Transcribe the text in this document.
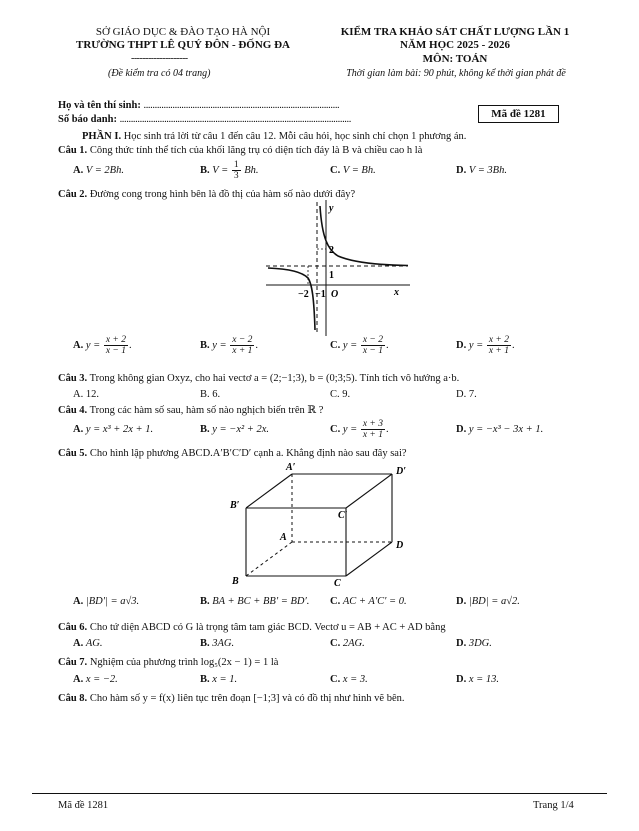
SỞ GIÁO DỤC & ĐÀO TẠO HÀ NỘI
TRƯỜNG THPT LÊ QUÝ ĐÔN - ĐỐNG ĐA
--------------------
(Đề kiểm tra có 04 trang)
KIỂM TRA KHẢO SÁT CHẤT LƯỢNG LẦN 1
NĂM HỌC 2025 - 2026
MÔN: TOÁN
Thời gian làm bài: 90 phút, không kể thời gian phát đề
Họ và tên thí sinh: ........................................................................................
Số báo danh: ........................................................................................................	Mã đề 1281
PHẦN I. Học sinh trả lời từ câu 1 đến câu 12. Mỗi câu hỏi, học sinh chỉ chọn 1 phương án.
Câu 1. Công thức tính thể tích của khối lăng trụ có diện tích đáy là B và chiều cao h là
A. V = 2Bh.	B. $V = \frac{1}{3} Bh$.	C. V = Bh.	D. V = 3Bh.
Câu 2. Đường cong trong hình bên là đồ thị của hàm số nào dưới đây?
y
x
O
2
1
−2 −1
A. $y = \frac{x + 2}{x - 1}$ .	B. $y = \frac{x - 2}{x + 1}$ .	C. $y = \frac{x - 2}{x - 1}$ .	D. $y = \frac{x + 2}{x + 1}$ .
Câu 3. Trong không gian Oxyz, cho hai vectơ a = (2;−1;3), b = (0;3;5). Tính tích vô hướng a·b.
A. 12.	B. 6.	C. 9.	D. 7.
Câu 4. Trong các hàm số sau, hàm số nào nghịch biến trên ℝ ?
A. y = x³ + 2x + 1.	B. y = −x² + 2x.	C. $y = \frac{x + 3}{x + 1}$ .	D. y = −x³ − 3x + 1.
Câu 5. Cho hình lập phương ABCD.A′B′C′D′ cạnh a. Khẳng định nào sau đây sai?
A′	D′
B′
C′
A
D
B	C
A. |BD′| = a√3.	B. BA + BC + BB′ = BD′. C. AC + A′C′ = 0.	D. |BD| = a√2.
Câu 6. Cho tứ diện ABCD có G là trọng tâm tam giác BCD. Vectơ u = AB + AC + AD bằng
A. AG.	B. 3AG.	C. 2AG.	D. 3DG.
Câu 7. Nghiệm của phương trình log₅(2x − 1) = 1 là
A. x = −2.	B. x = 1.	C. x = 3.	D. x = 13.
Câu 8. Cho hàm số y = f(x) liên tục trên đoạn [−1;3] và có đồ thị như hình vẽ bên.
Mã đề 1281	Trang 1/4
